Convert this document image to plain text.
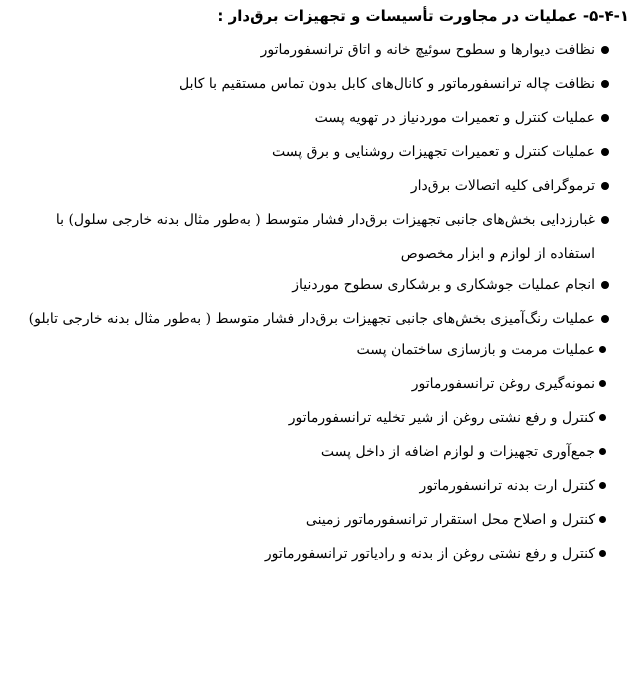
۵-۴-۱- عملیات در مجاورت تأسیسات و تجهیزات برق‌دار :
نظافت دیوارها و سطوح سوئیچ خانه و اتاق ترانسفورماتور
نظافت چاله ترانسفورماتور و کانال‌های کابل بدون تماس مستقیم با کابل
عملیات کنترل و تعمیرات موردنیاز در تهویه پست
عملیات کنترل و تعمیرات تجهیزات روشنایی و برق پست
ترموگرافی کلیه اتصالات برق‌دار
غبارزدایی بخش‌های جانبی تجهیزات برق‌دار فشار متوسط ( به‌طور مثال بدنه خارجی سلول) با استفاده از لوازم و ابزار مخصوص
انجام عملیات جوشکاری و برشکاری سطوح موردنیاز
عملیات رنگ‌آمیزی بخش‌های جانبی تجهیزات برق‌دار فشار متوسط ( به‌طور مثال بدنه خارجی تابلو)
عملیات مرمت و بازسازی ساختمان پست
نمونه‌گیری روغن ترانسفورماتور
کنترل و رفع نشتی روغن از شیر تخلیه ترانسفورماتور
جمع‌آوری تجهیزات و لوازم اضافه از داخل پست
کنترل ارت بدنه ترانسفورماتور
کنترل و اصلاح محل استقرار ترانسفورماتور زمینی
کنترل و رفع نشتی روغن از بدنه و رادیاتور ترانسفورماتور
